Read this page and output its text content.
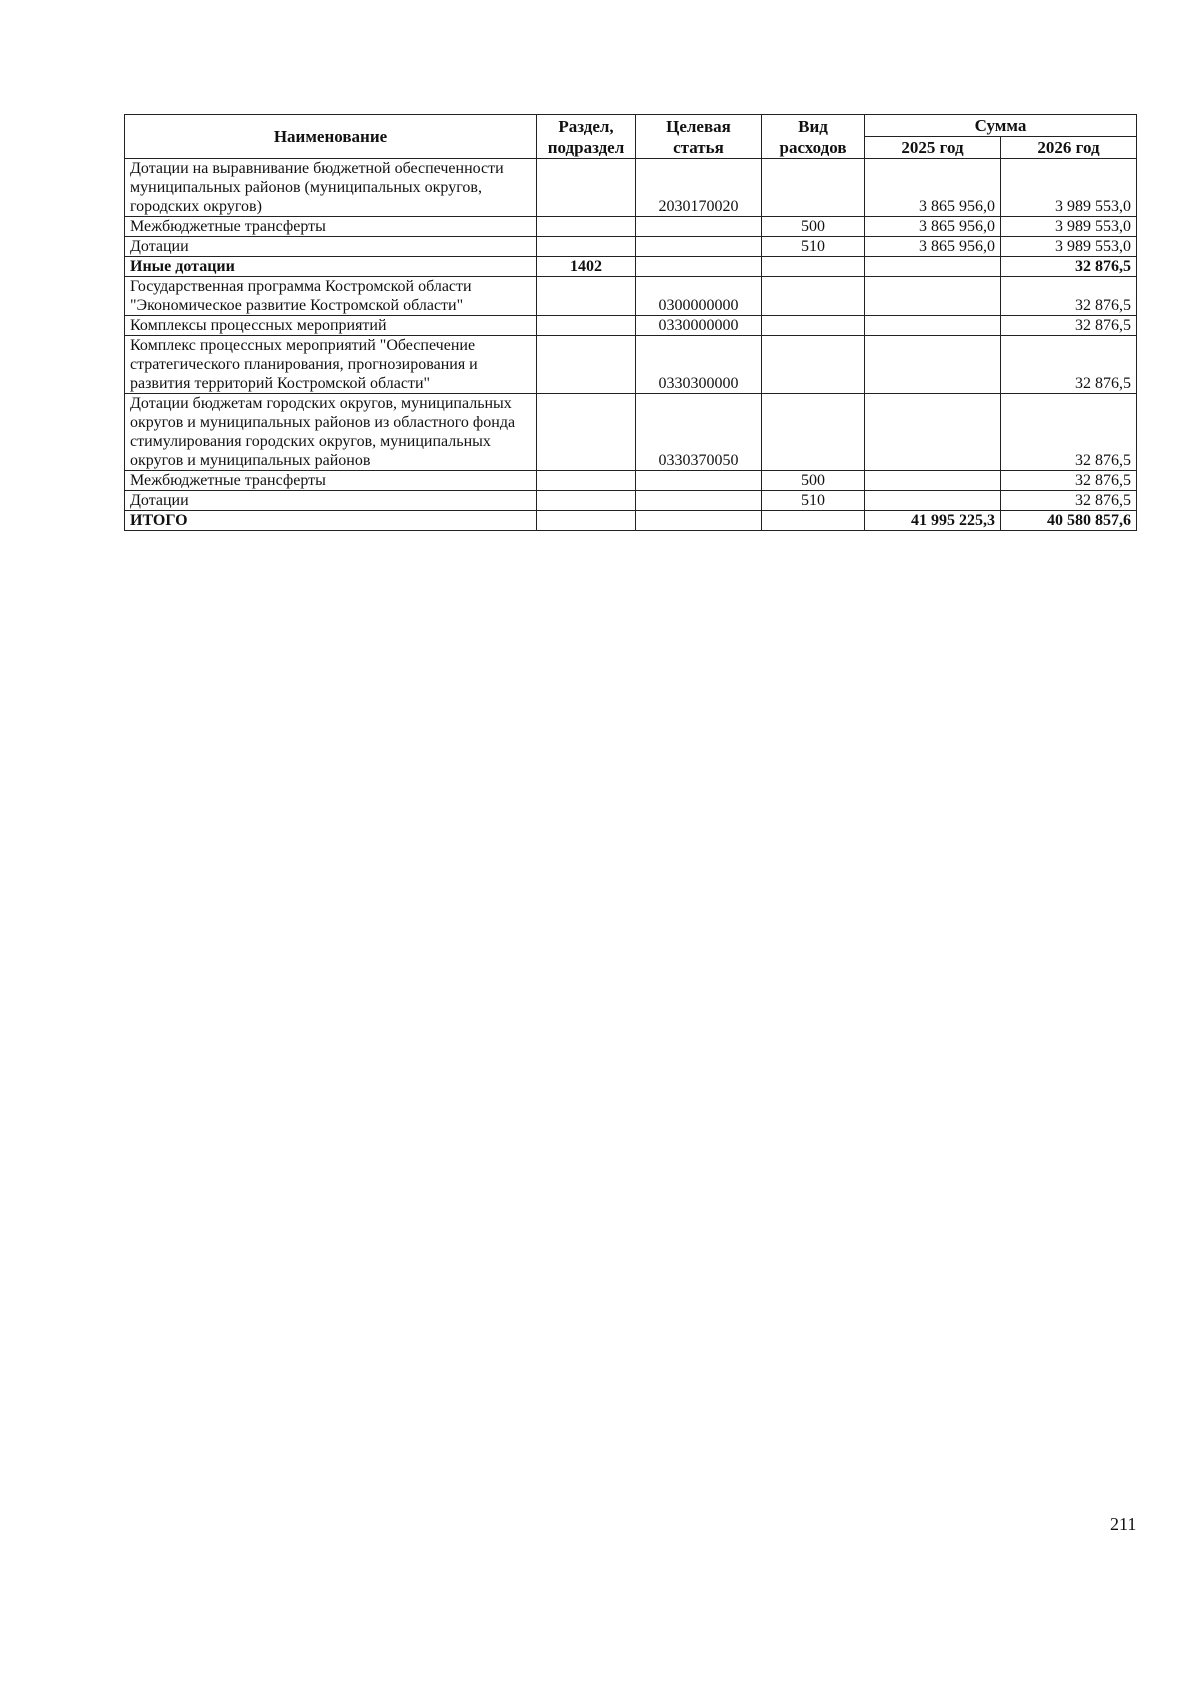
Наименование	Раздел, подраздел	Целевая статья	Вид расходов	Сумма	
				2025 год	2026 год
Дотации на выравнивание бюджетной обеспеченности муниципальных районов (муниципальных округов, городских округов)		2030170020		3 865 956,0	3 989 553,0
Межбюджетные трансферты			500	3 865 956,0	3 989 553,0
Дотации			510	3 865 956,0	3 989 553,0
Иные дотации	1402				32 876,5
Государственная программа Костромской области "Экономическое развитие Костромской области"		0300000000			32 876,5
Комплексы процессных мероприятий		0330000000			32 876,5
Комплекс процессных мероприятий "Обеспечение стратегического планирования, прогнозирования и развития территорий Костромской области"		0330300000			32 876,5
Дотации бюджетам городских округов, муниципальных округов и муниципальных районов из областного фонда стимулирования городских округов, муниципальных округов и муниципальных районов		0330370050			32 876,5
Межбюджетные трансферты			500		32 876,5
Дотации			510		32 876,5
ИТОГО				41 995 225,3	40 580 857,6
211
